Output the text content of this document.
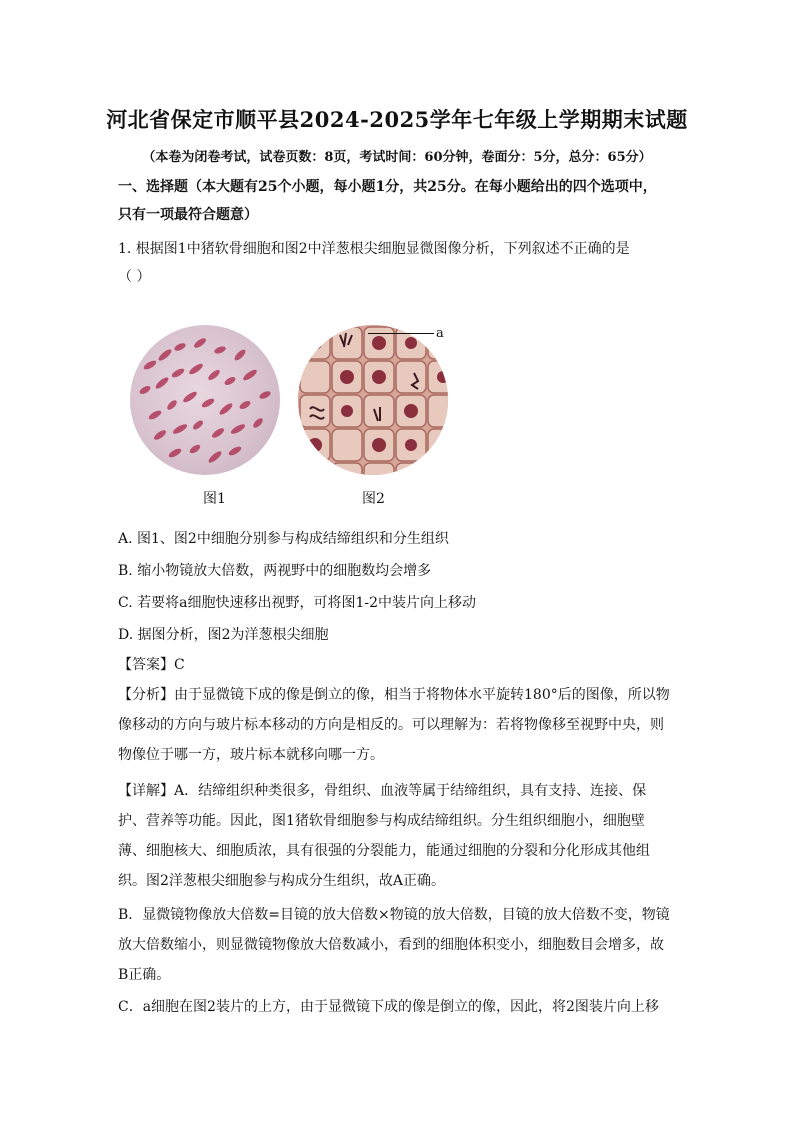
河北省保定市顺平县2024-2025学年七年级上学期期末试题
（本卷为闭卷考试，试卷页数：8页，考试时间：60分钟，卷面分：5分，总分：65分）
一、选择题（本大题有25个小题，每小题1分，共25分。在每小题给出的四个选项中，
只有一项最符合题意）
1. 根据图1中猪软骨细胞和图2中洋葱根尖细胞显微图像分析，下列叙述不正确的是
（ ）
a
图1	图2
A. 图1、图2中细胞分别参与构成结缔组织和分生组织
B. 缩小物镜放大倍数，两视野中的细胞数均会增多
C. 若要将a细胞快速移出视野，可将图1-2中装片向上移动
D. 据图分析，图2为洋葱根尖细胞
【答案】C
【分析】由于显微镜下成的像是倒立的像，相当于将物体水平旋转180°后的图像，所以物
像移动的方向与玻片标本移动的方向是相反的。可以理解为：若将物像移至视野中央，则
物像位于哪一方，玻片标本就移向哪一方。
【详解】A．结缔组织种类很多，骨组织、血液等属于结缔组织，具有支持、连接、保
护、营养等功能。因此，图1猪软骨细胞参与构成结缔组织。分生组织细胞小，细胞壁
薄、细胞核大、细胞质浓，具有很强的分裂能力，能通过细胞的分裂和分化形成其他组
织。图2洋葱根尖细胞参与构成分生组织，故A正确。
B．显微镜物像放大倍数=目镜的放大倍数×物镜的放大倍数，目镜的放大倍数不变，物镜
放大倍数缩小，则显微镜物像放大倍数减小，看到的细胞体积变小，细胞数目会增多，故
B正确。
C．a细胞在图2装片的上方，由于显微镜下成的像是倒立的像，因此，将2图装片向上移
